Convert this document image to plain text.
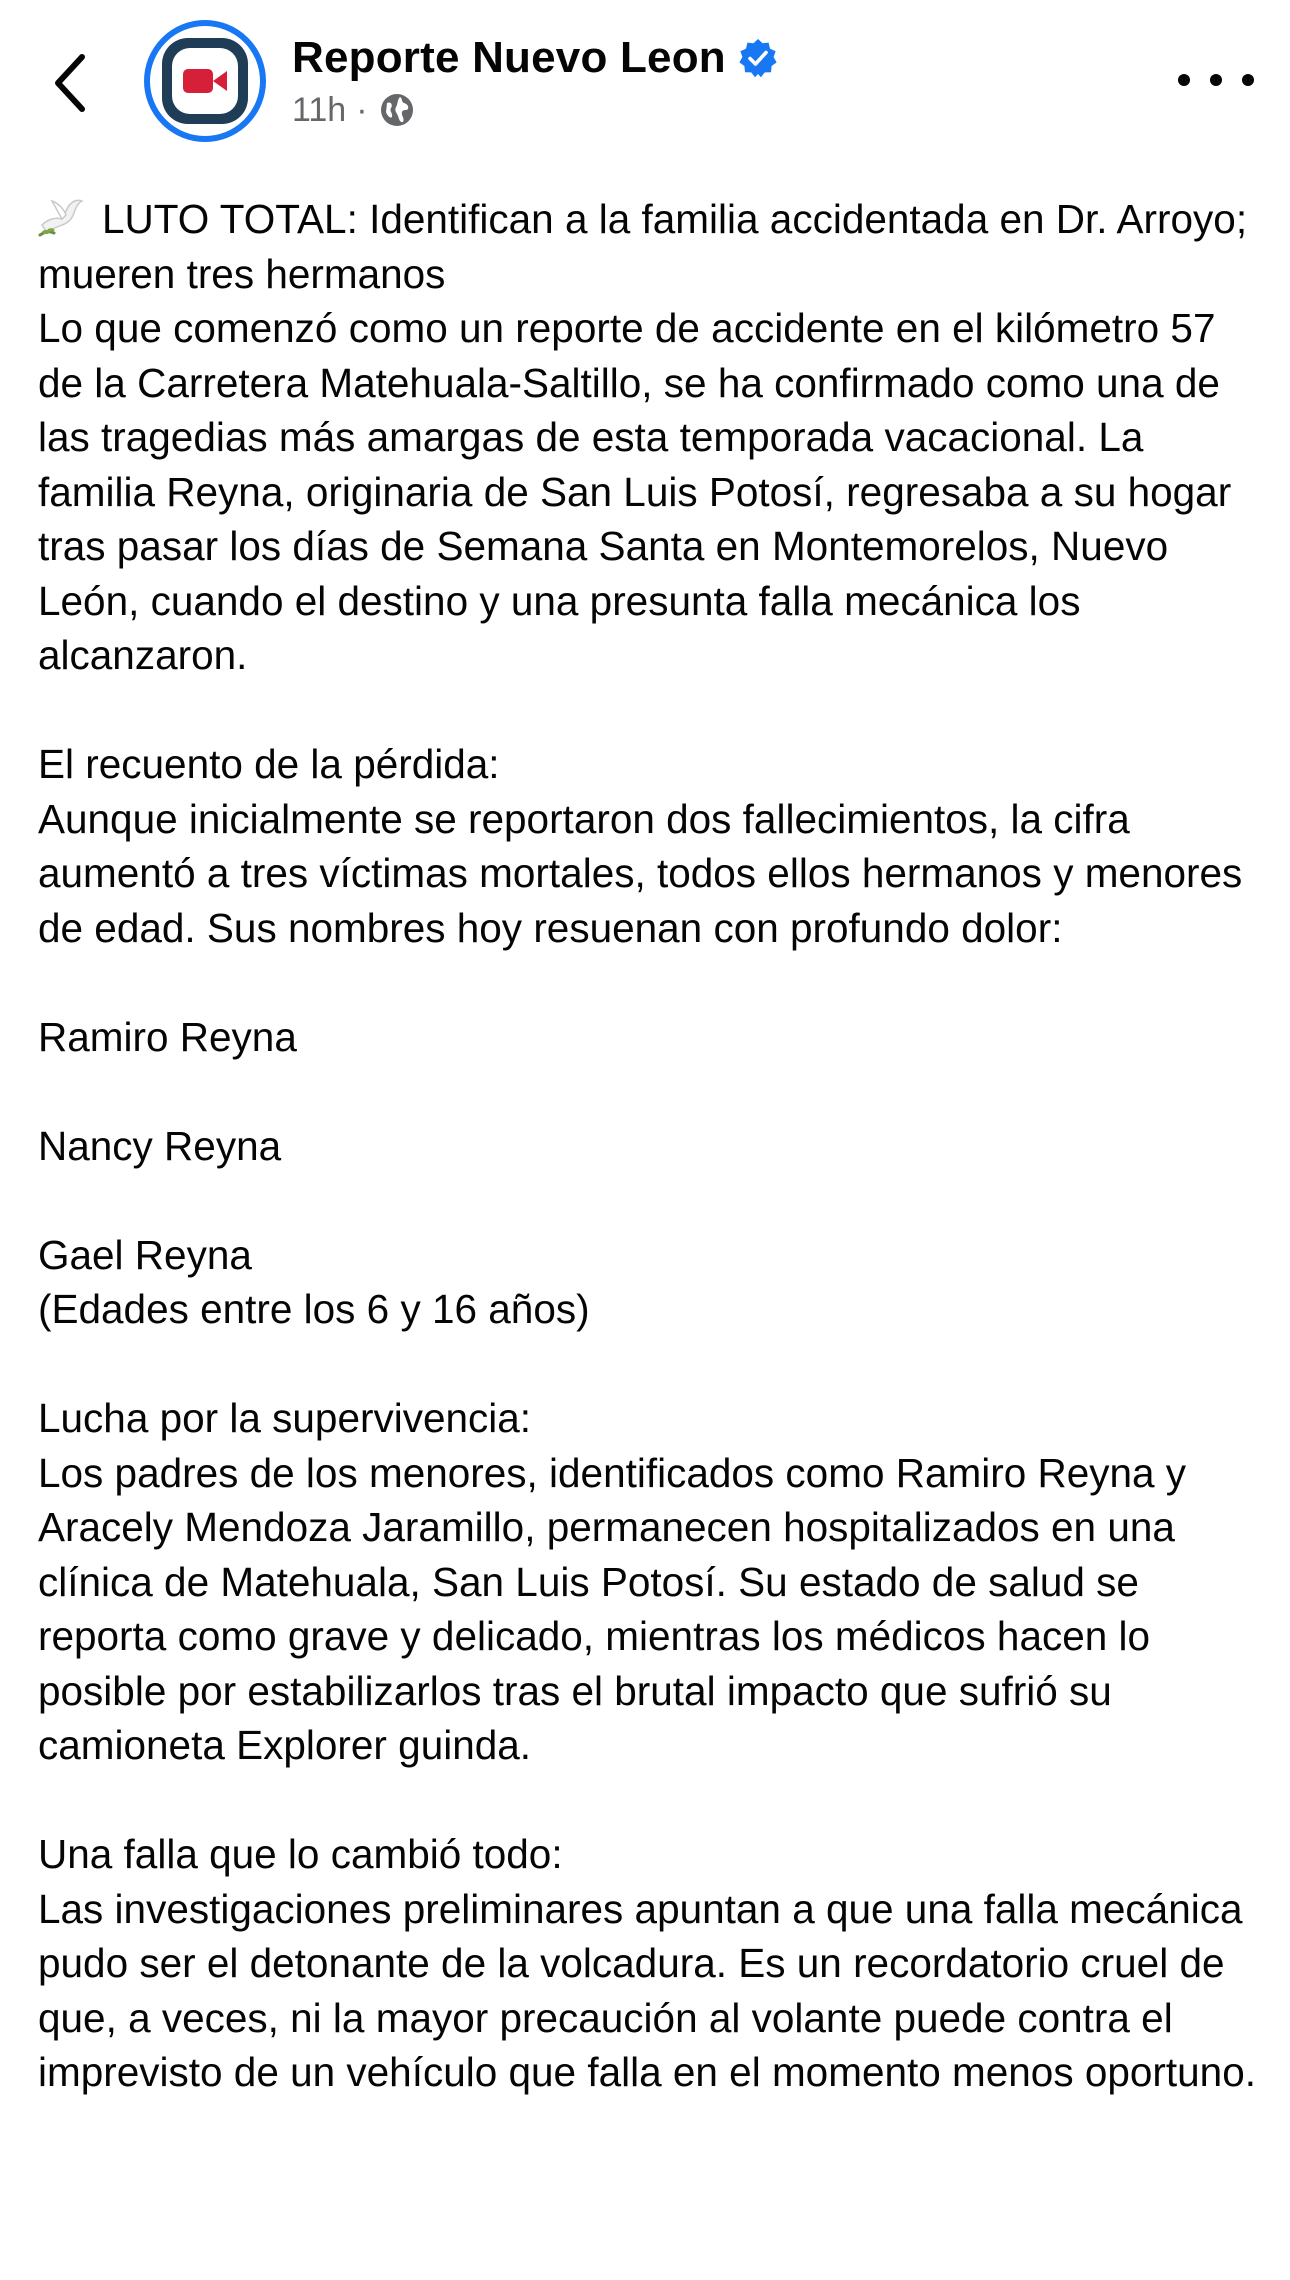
Reporte Nuevo Leon
11h ·

LUTO TOTAL: Identifican a la familia accidentada en Dr. Arroyo; mueren tres hermanos

Lo que comenzó como un reporte de accidente en el kilómetro 57 de la Carretera Matehuala-Saltillo, se ha confirmado como una de las tragedias más amargas de esta temporada vacacional. La familia Reyna, originaria de San Luis Potosí, regresaba a su hogar tras pasar los días de Semana Santa en Montemorelos, Nuevo León, cuando el destino y una presunta falla mecánica los alcanzaron.

El recuento de la pérdida:

Aunque inicialmente se reportaron dos fallecimientos, la cifra aumentó a tres víctimas mortales, todos ellos hermanos y menores de edad. Sus nombres hoy resuenan con profundo dolor:

Ramiro Reyna

Nancy Reyna

Gael Reyna

(Edades entre los 6 y 16 años)

Lucha por la supervivencia:

Los padres de los menores, identificados como Ramiro Reyna y Aracely Mendoza Jaramillo, permanecen hospitalizados en una clínica de Matehuala, San Luis Potosí. Su estado de salud se reporta como grave y delicado, mientras los médicos hacen lo posible por estabilizarlos tras el brutal impacto que sufrió su camioneta Explorer guinda.

Una falla que lo cambió todo:

Las investigaciones preliminares apuntan a que una falla mecánica pudo ser el detonante de la volcadura. Es un recordatorio cruel de que, a veces, ni la mayor precaución al volante puede contra el imprevisto de un vehículo que falla en el momento menos oportuno.
